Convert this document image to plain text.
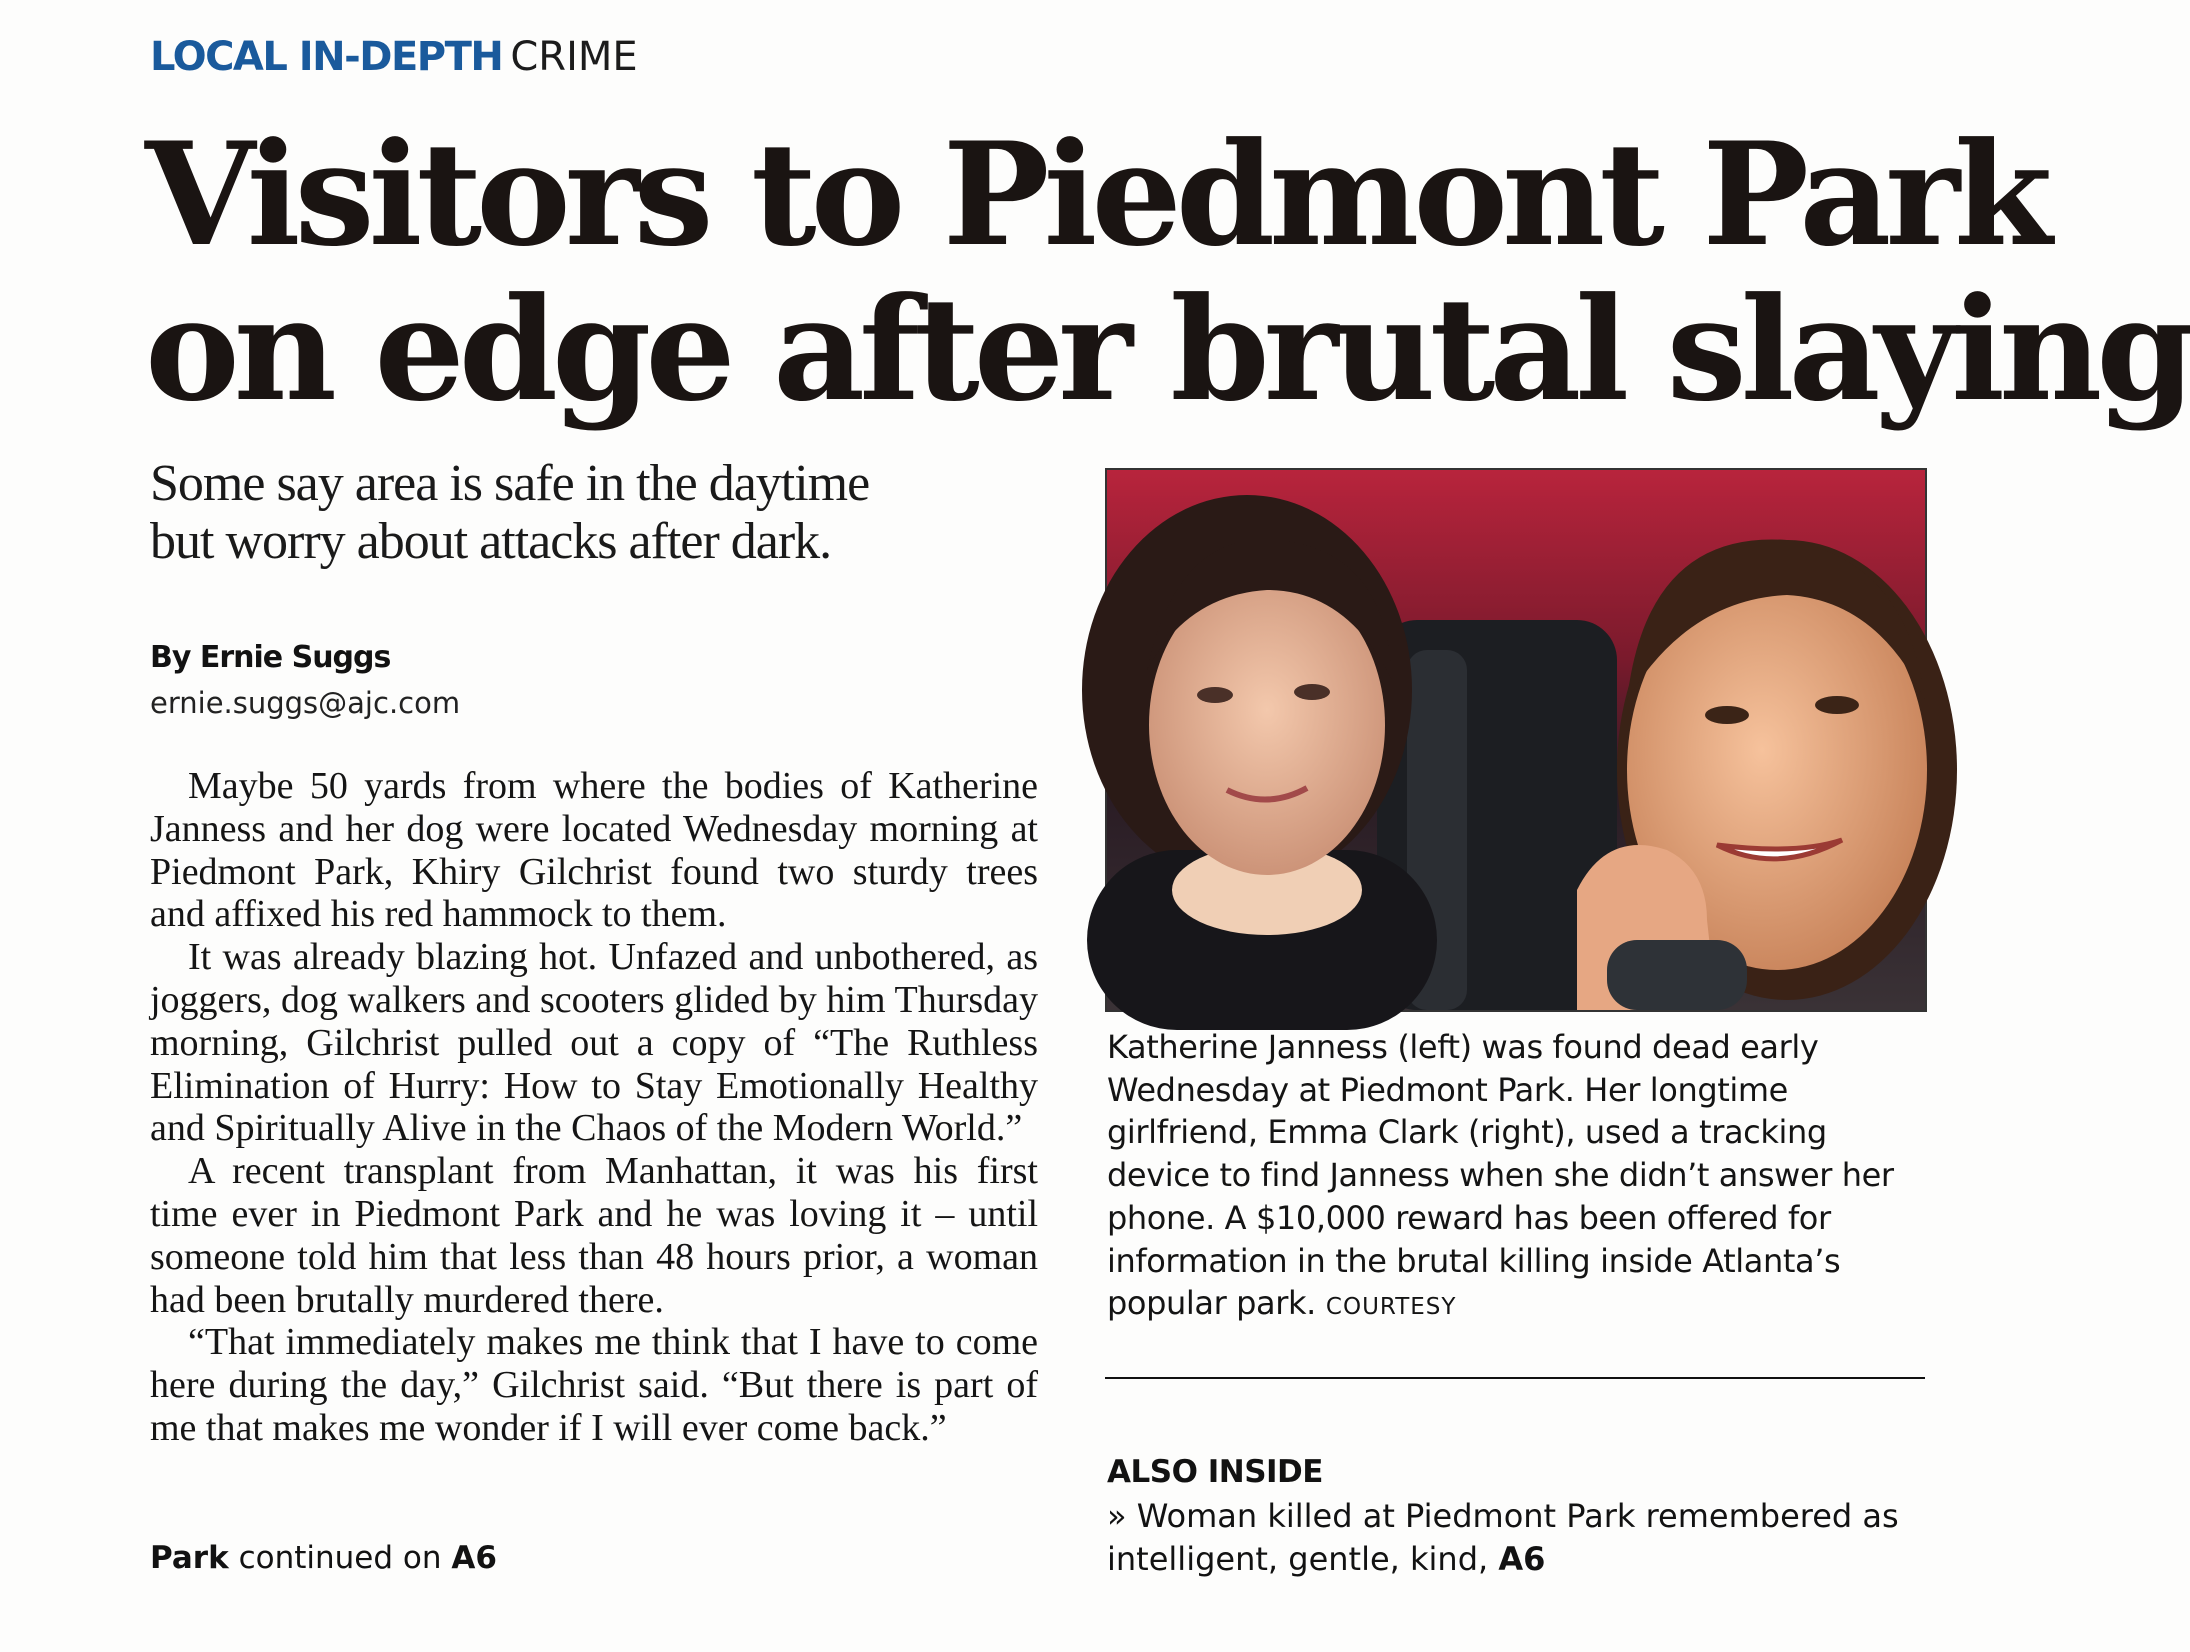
LOCAL IN-DEPTH CRIME
Visitors to Piedmont Park
on edge after brutal slaying
Some say area is safe in the daytime
but worry about attacks after dark.
By Ernie Suggs
ernie.suggs@ajc.com

Maybe 50 yards from where the bodies of Katherine Janness and her dog were located Wednesday morning at Piedmont Park, Khiry Gilchrist found two sturdy trees and affixed his red hammock to them.

It was already blazing hot. Unfazed and unbothered, as joggers, dog walkers and scooters glided by him Thursday morning, Gilchrist pulled out a copy of “The Ruthless Elimination of Hurry: How to Stay Emotionally Healthy and Spiritually Alive in the Chaos of the Modern World.”

A recent transplant from Manhattan, it was his first time ever in Piedmont Park and he was loving it – until someone told him that less than 48 hours prior, a woman had been brutally murdered there.

“That immediately makes me think that I have to come here during the day,” Gilchrist said. “But there is part of me that makes me wonder if I will ever come back.”

Park continued on A6
Katherine Janness (left) was found dead early Wednesday at Piedmont Park. Her longtime girlfriend, Emma Clark (right), used a tracking device to find Janness when she didn’t answer her phone. A $10,000 reward has been offered for information in the brutal killing inside Atlanta’s popular park. COURTESY
ALSO INSIDE
» Woman killed at Piedmont Park remembered as intelligent, gentle, kind, A6
